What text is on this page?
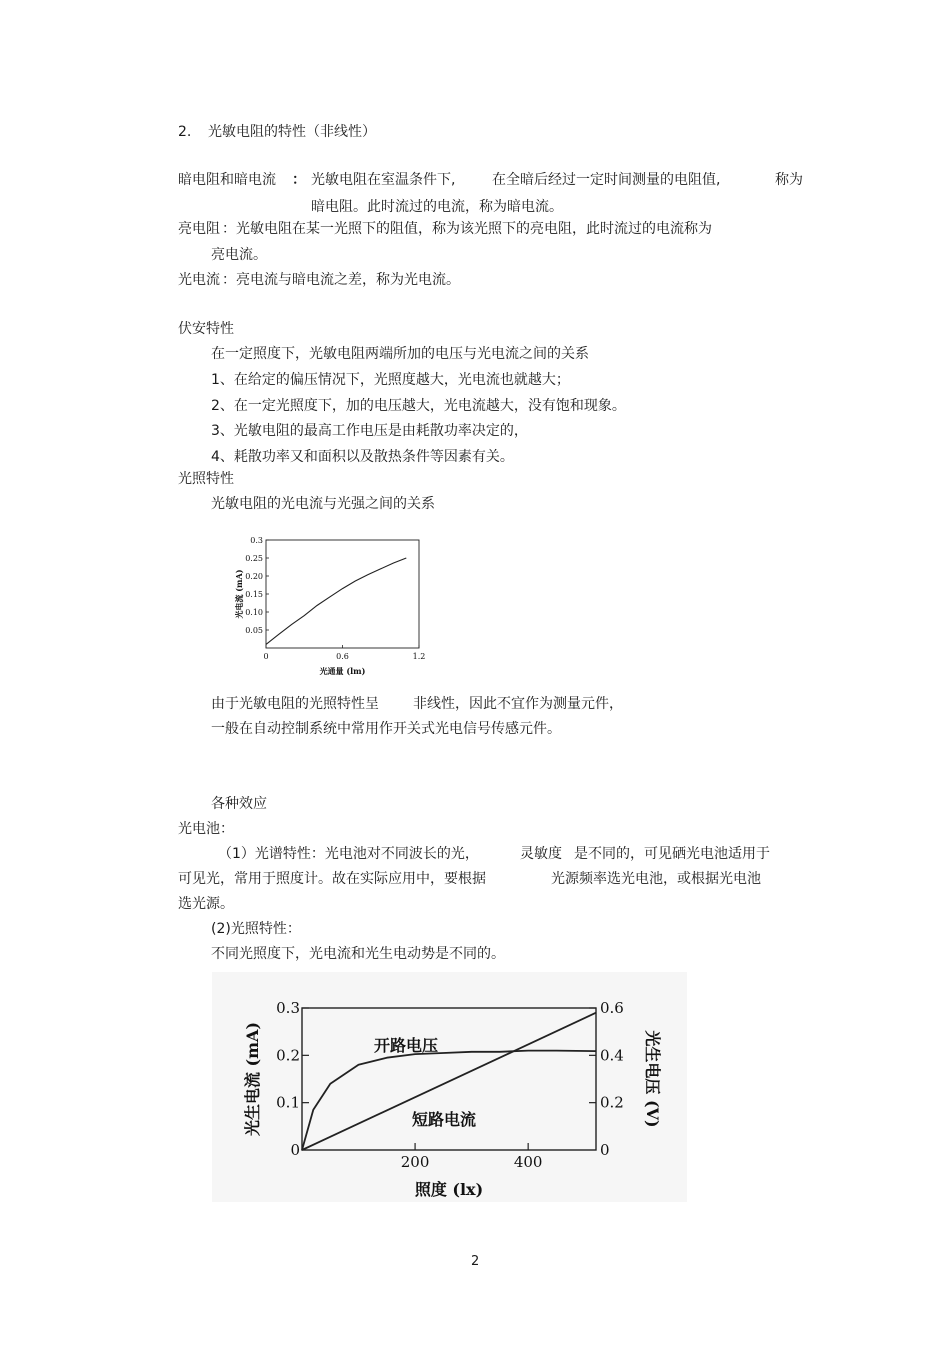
2. 光敏电阻的特性（非线性）
暗电阻和暗电流 ： 光敏电阻在室温条件下,	在全暗后经过一定时间测量的电阻值,	称为
暗电阻。此时流过的电流，称为暗电流。
亮电阻 ：光敏电阻在某一光照下的阻值，称为该光照下的亮电阻，此时流过的电流称为
亮电流。
光电流 ：亮电流与暗电流之差，称为光电流。
伏安特性
在一定照度下，光敏电阻两端所加的电压与光电流之间的关系
1、在给定的偏压情况下，光照度越大，光电流也就越大；
2、在一定光照度下，加的电压越大，光电流越大，没有饱和现象。
3、光敏电阻的最高工作电压是由耗散功率决定的，
4、耗散功率又和面积以及散热条件等因素有关。
光照特性
光敏电阻的光电流与光强之间的关系
0.05
0.10
0.15
0.20
0.25
0.3
0	0.6	1.2
光通量 (lm)
光电流 (mA)
由于光敏电阻的光照特性呈 非线性，因此不宜作为测量元件，
一般在自动控制系统中常用作开关式光电信号传感元件。
各种效应
光电池：
（1）光谱特性：光电池对不同波长的光，	灵敏度 是不同的，可见硒光电池适用于
可见光，常用于照度计。故在实际应用中，要根据	光源频率选光电池，或根据光电池
选光源。
(2)光照特性：
不同光照度下，光电流和光生电动势是不同的。
0
0.1
0.2
0.3
0
0.2
0.4
0.6
200	400
照度 (lx)
光生电流 (mA)	光生电压 (V)
开路电压
短路电流
2
